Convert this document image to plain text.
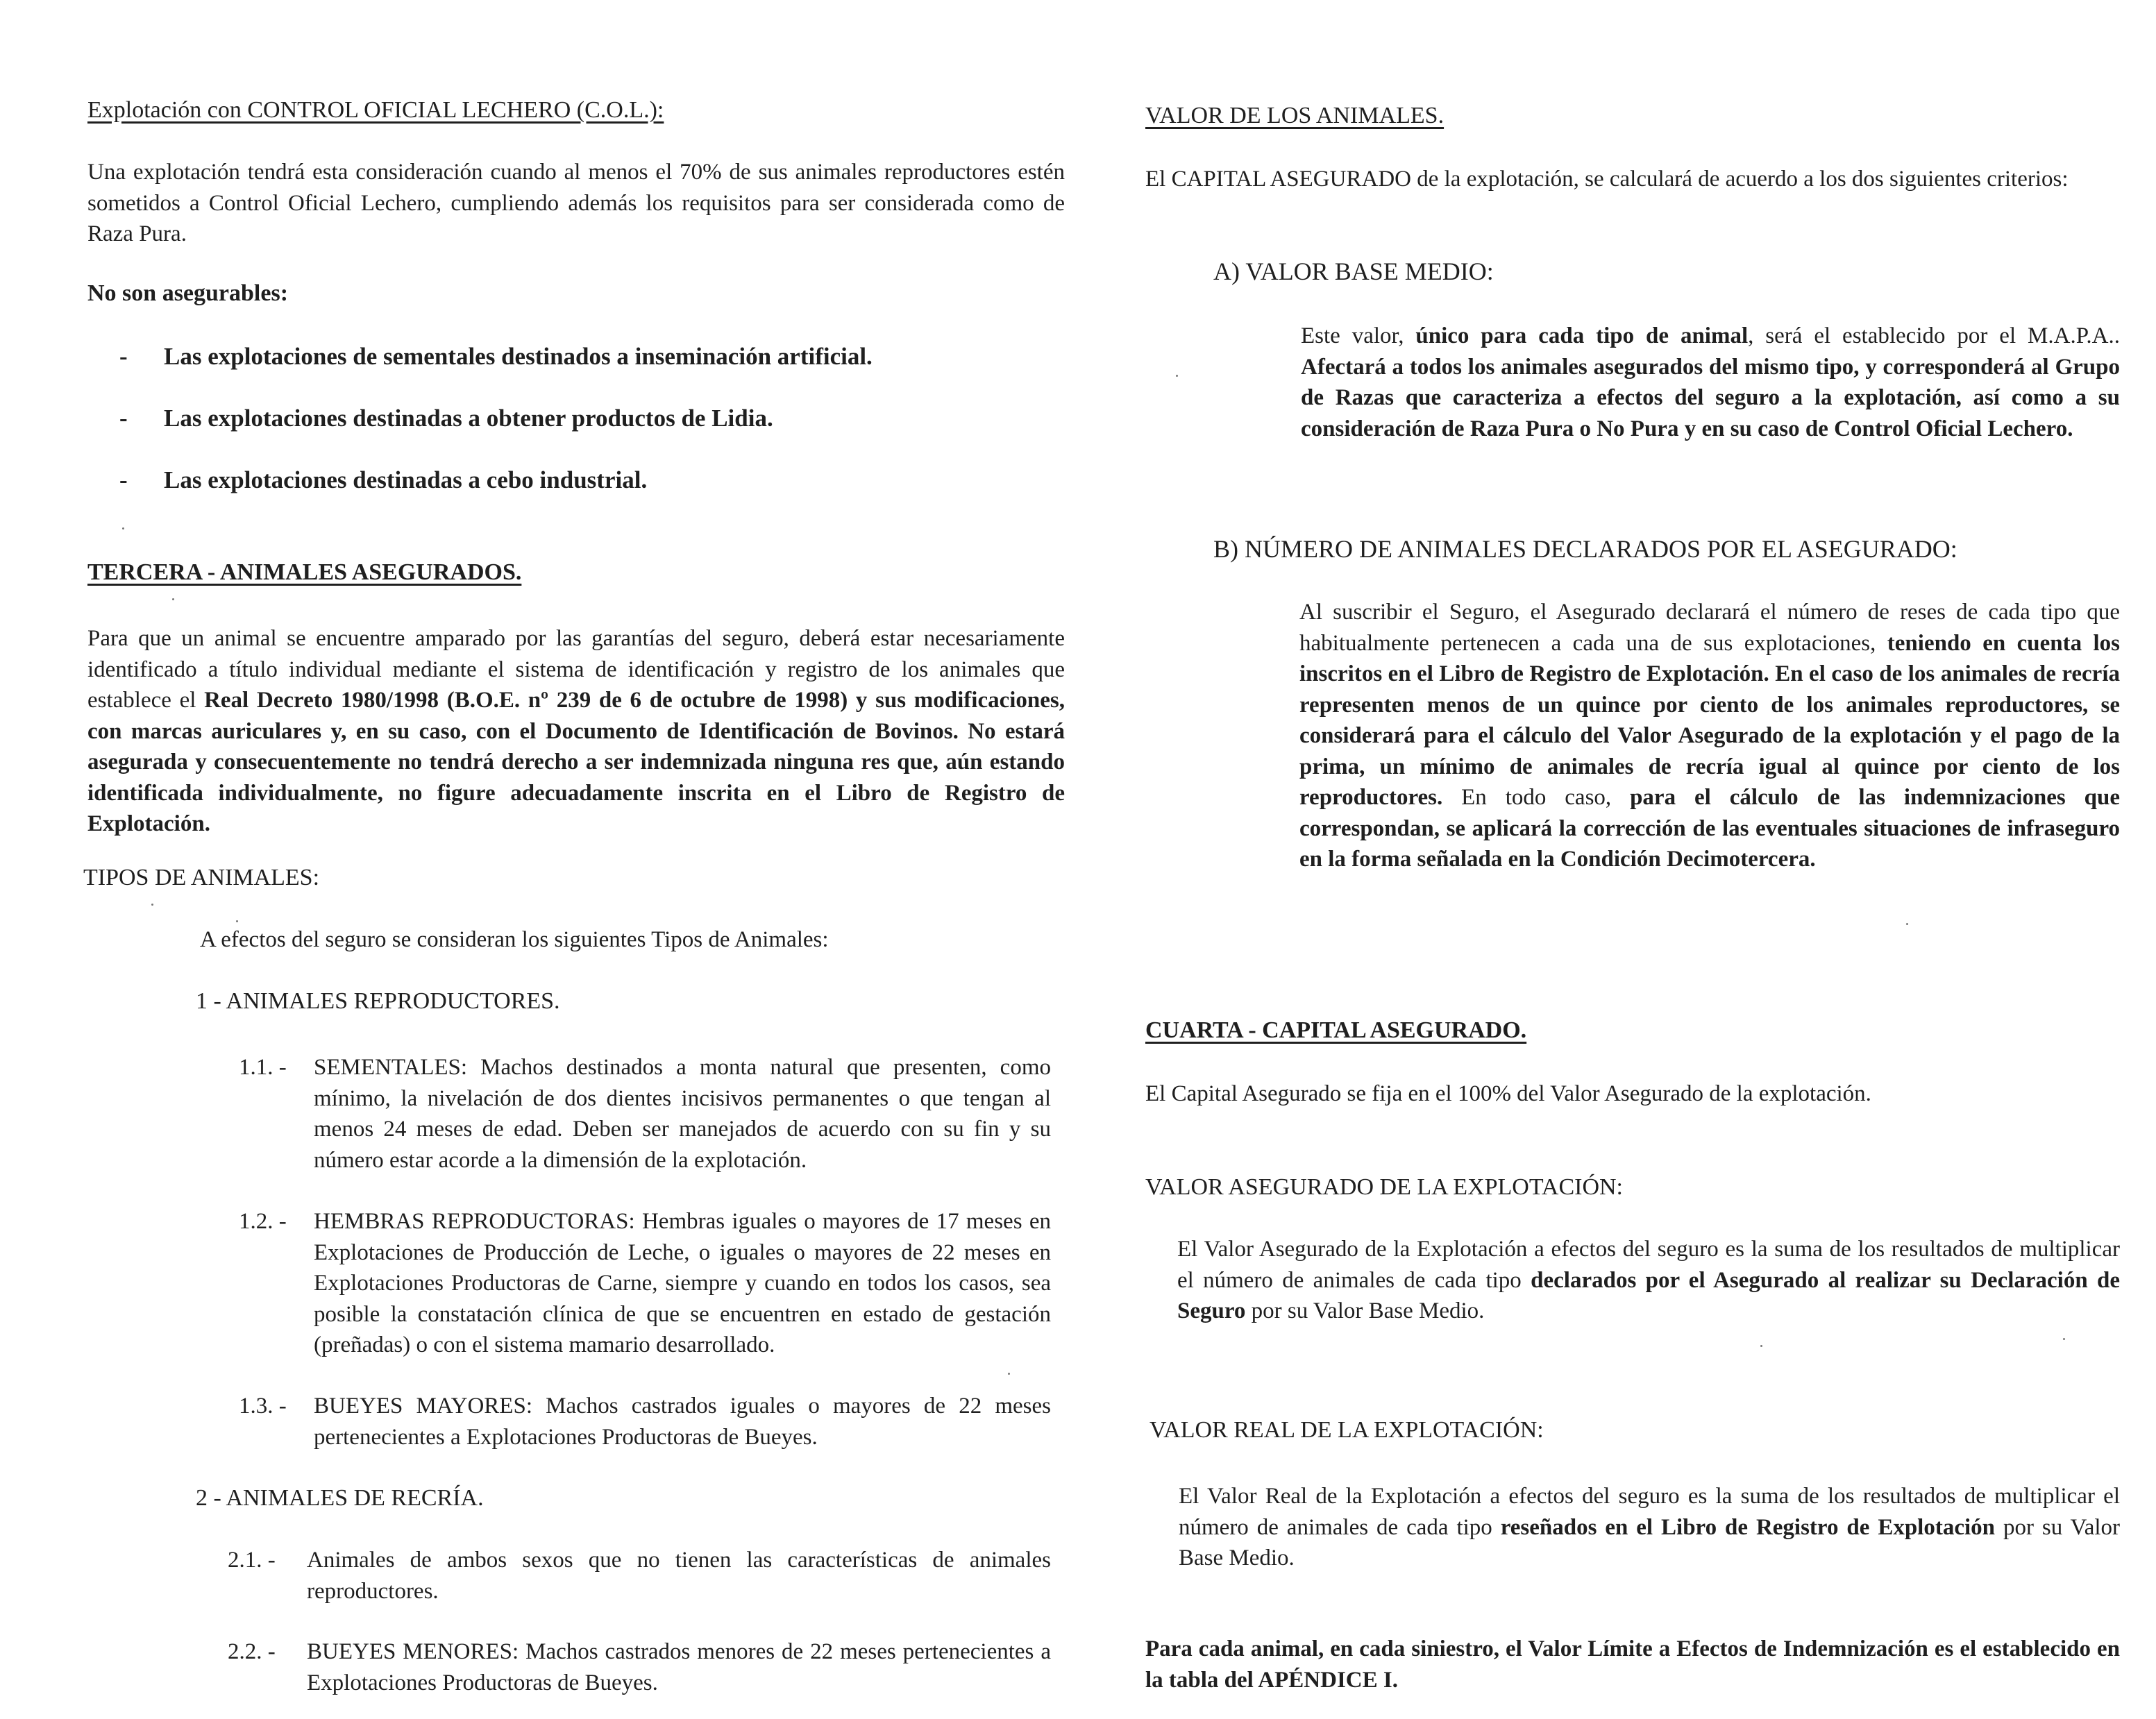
Explotación con CONTROL OFICIAL LECHERO (C.O.L.):

Una explotación tendrá esta consideración cuando al menos el 70% de sus animales reproductores estén sometidos a Control Oficial Lechero, cumpliendo además los requisitos para ser considerada como de Raza Pura.

No son asegurables:
- Las explotaciones de sementales destinados a inseminación artificial.
- Las explotaciones destinadas a obtener productos de Lidia.
- Las explotaciones destinadas a cebo industrial.
TERCERA - ANIMALES ASEGURADOS.

Para que un animal se encuentre amparado por las garantías del seguro, deberá estar necesariamente identificado a título individual mediante el sistema de identificación y registro de los animales que establece el Real Decreto 1980/1998 (B.O.E. nº 239 de 6 de octubre de 1998) y sus modificaciones, con marcas auriculares y, en su caso, con el Documento de Identificación de Bovinos. No estará asegurada y consecuentemente no tendrá derecho a ser indemnizada ninguna res que, aún estando identificada individualmente, no figure adecuadamente inscrita en el Libro de Registro de Explotación.

TIPOS DE ANIMALES:
A efectos del seguro se consideran los siguientes Tipos de Animales:
1 - ANIMALES REPRODUCTORES.
1.1. - SEMENTALES: Machos destinados a monta natural que presenten, como mínimo, la nivelación de dos dientes incisivos permanentes o que tengan al menos 24 meses de edad. Deben ser manejados de acuerdo con su fin y su número estar acorde a la dimensión de la explotación.
1.2. - HEMBRAS REPRODUCTORAS: Hembras iguales o mayores de 17 meses en Explotaciones de Producción de Leche, o iguales o mayores de 22 meses en Explotaciones Productoras de Carne, siempre y cuando en todos los casos, sea posible la constatación clínica de que se encuentren en estado de gestación (preñadas) o con el sistema mamario desarrollado.
1.3. - BUEYES MAYORES: Machos castrados iguales o mayores de 22 meses pertenecientes a Explotaciones Productoras de Bueyes.
2 - ANIMALES DE RECRÍA.
2.1. - Animales de ambos sexos que no tienen las características de animales reproductores.
2.2. - BUEYES MENORES: Machos castrados menores de 22 meses pertenecientes a Explotaciones Productoras de Bueyes.
VALOR DE LOS ANIMALES.

El CAPITAL ASEGURADO de la explotación, se calculará de acuerdo a los dos siguientes criterios:

A) VALOR BASE MEDIO:

Este valor, único para cada tipo de animal, será el establecido por el M.A.P.A.. Afectará a todos los animales asegurados del mismo tipo, y corresponderá al Grupo de Razas que caracteriza a efectos del seguro a la explotación, así como a su consideración de Raza Pura o No Pura y en su caso de Control Oficial Lechero.

B) NÚMERO DE ANIMALES DECLARADOS POR EL ASEGURADO:

Al suscribir el Seguro, el Asegurado declarará el número de reses de cada tipo que habitualmente pertenecen a cada una de sus explotaciones, teniendo en cuenta los inscritos en el Libro de Registro de Explotación. En el caso de los animales de recría representen menos de un quince por ciento de los animales reproductores, se considerará para el cálculo del Valor Asegurado de la explotación y el pago de la prima, un mínimo de animales de recría igual al quince por ciento de los reproductores. En todo caso, para el cálculo de las indemnizaciones que correspondan, se aplicará la corrección de las eventuales situaciones de infraseguro en la forma señalada en la Condición Decimotercera.

CUARTA - CAPITAL ASEGURADO.
El Capital Asegurado se fija en el 100% del Valor Asegurado de la explotación.
VALOR ASEGURADO DE LA EXPLOTACIÓN:

El Valor Asegurado de la Explotación a efectos del seguro es la suma de los resultados de multiplicar el número de animales de cada tipo declarados por el Asegurado al realizar su Declaración de Seguro por su Valor Base Medio.

VALOR REAL DE LA EXPLOTACIÓN:

El Valor Real de la Explotación a efectos del seguro es la suma de los resultados de multiplicar el número de animales de cada tipo reseñados en el Libro de Registro de Explotación por su Valor Base Medio.

Para cada animal, en cada siniestro, el Valor Límite a Efectos de Indemnización es el establecido en la tabla del APÉNDICE I.
